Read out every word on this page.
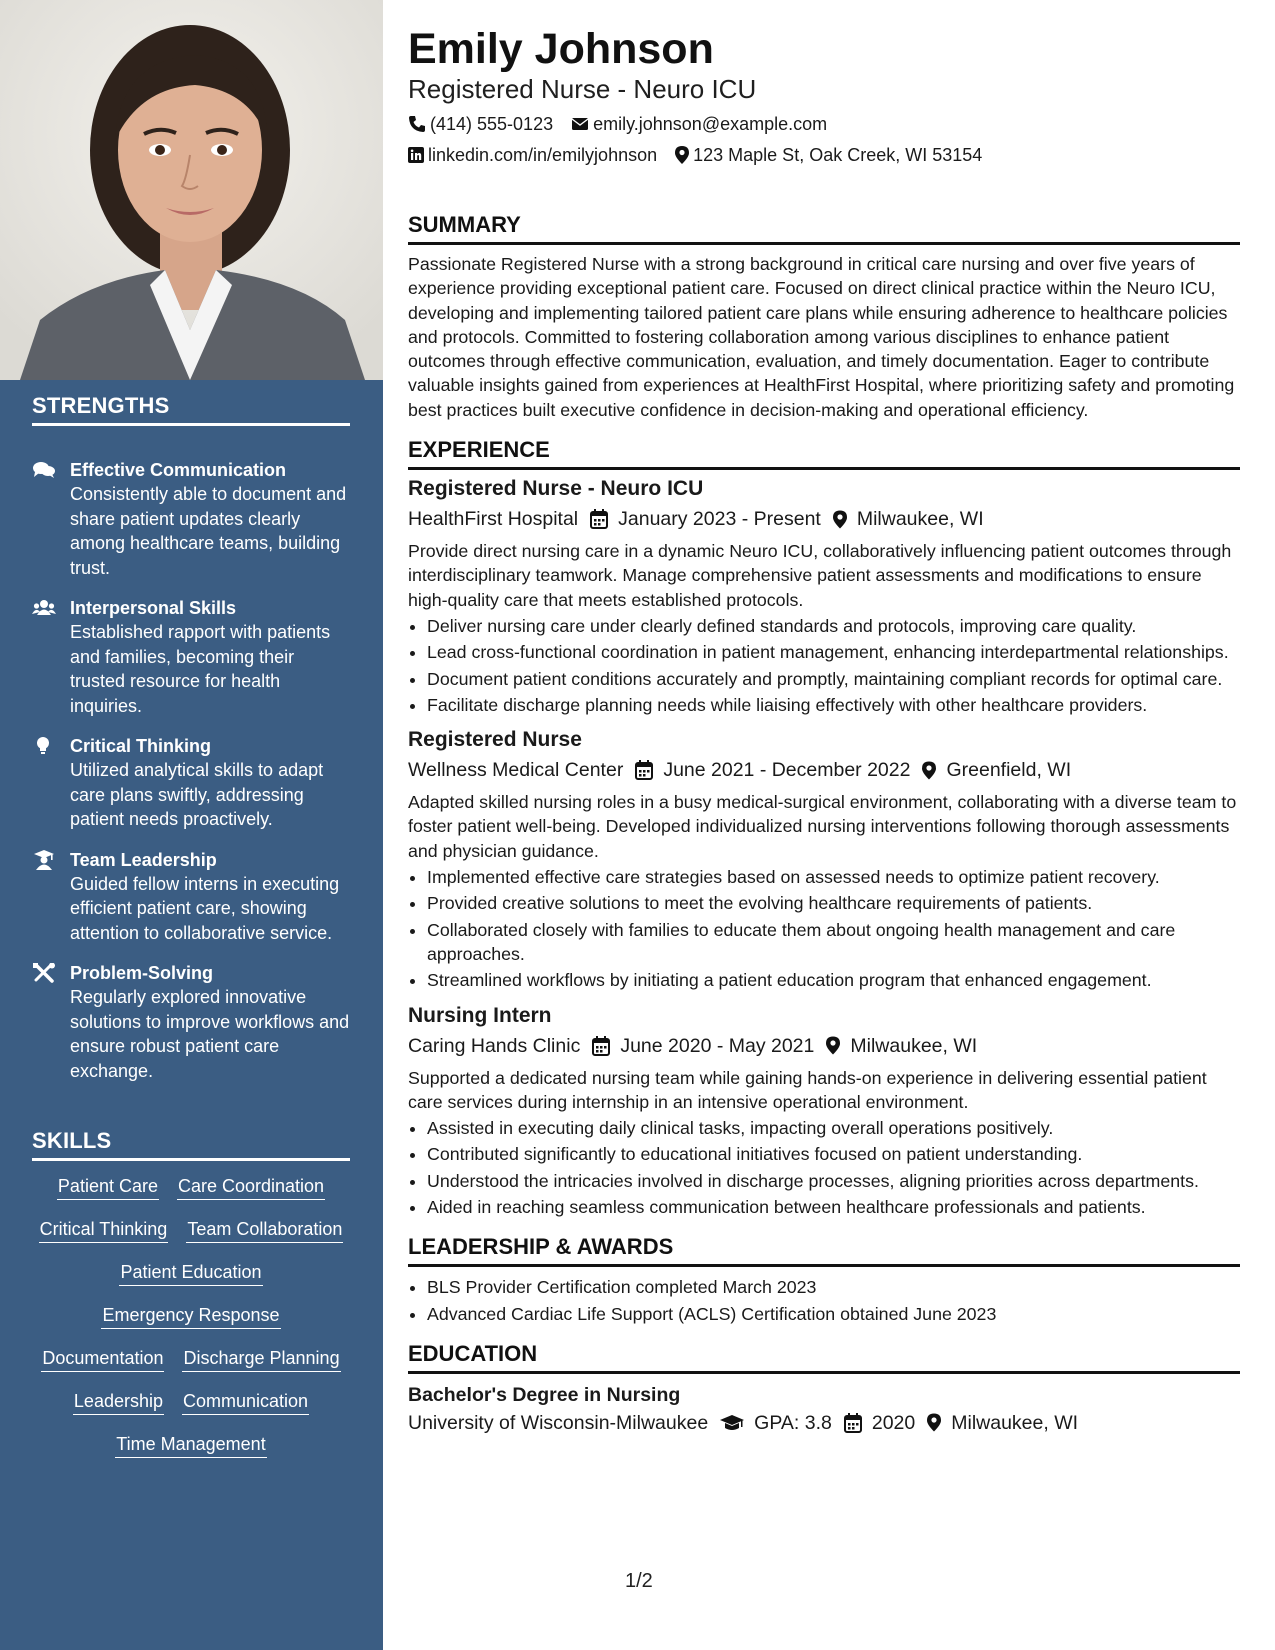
STRENGTHS
Effective Communication
Consistently able to document and share patient updates clearly among healthcare teams, building trust.
Interpersonal Skills
Established rapport with patients and families, becoming their trusted resource for health inquiries.
Critical Thinking
Utilized analytical skills to adapt care plans swiftly, addressing patient needs proactively.
Team Leadership
Guided fellow interns in executing efficient patient care, showing attention to collaborative service.
Problem-Solving
Regularly explored innovative solutions to improve workflows and ensure robust patient care exchange.
SKILLS
Patient Care Care Coordination
Critical Thinking Team Collaboration
Patient Education
Emergency Response
Documentation Discharge Planning
Leadership Communication
Time Management
Emily Johnson
Registered Nurse - Neuro ICU
(414) 555-0123 emily.johnson@example.com
linkedin.com/in/emilyjohnson 123 Maple St, Oak Creek, WI 53154
SUMMARY

Passionate Registered Nurse with a strong background in critical care nursing and over five years of experience providing exceptional patient care. Focused on direct clinical practice within the Neuro ICU, developing and implementing tailored patient care plans while ensuring adherence to healthcare policies and protocols. Committed to fostering collaboration among various disciplines to enhance patient outcomes through effective communication, evaluation, and timely documentation. Eager to contribute valuable insights gained from experiences at HealthFirst Hospital, where prioritizing safety and promoting best practices built executive confidence in decision-making and operational efficiency.

EXPERIENCE
Registered Nurse - Neuro ICU
HealthFirst Hospital January 2023 - Present Milwaukee, WI

Provide direct nursing care in a dynamic Neuro ICU, collaboratively influencing patient outcomes through interdisciplinary teamwork. Manage comprehensive patient assessments and modifications to ensure high-quality care that meets established protocols.

• Deliver nursing care under clearly defined standards and protocols, improving care quality.
• Lead cross-functional coordination in patient management, enhancing interdepartmental relationships.
• Document patient conditions accurately and promptly, maintaining compliant records for optimal care.
• Facilitate discharge planning needs while liaising effectively with other healthcare providers.
Registered Nurse
Wellness Medical Center June 2021 - December 2022 Greenfield, WI

Adapted skilled nursing roles in a busy medical-surgical environment, collaborating with a diverse team to foster patient well-being. Developed individualized nursing interventions following thorough assessments and physician guidance.

• Implemented effective care strategies based on assessed needs to optimize patient recovery.
• Provided creative solutions to meet the evolving healthcare requirements of patients.
• Collaborated closely with families to educate them about ongoing health management and care approaches.
• Streamlined workflows by initiating a patient education program that enhanced engagement.
Nursing Intern
Caring Hands Clinic June 2020 - May 2021 Milwaukee, WI

Supported a dedicated nursing team while gaining hands-on experience in delivering essential patient care services during internship in an intensive operational environment.

• Assisted in executing daily clinical tasks, impacting overall operations positively.
• Contributed significantly to educational initiatives focused on patient understanding.
• Understood the intricacies involved in discharge processes, aligning priorities across departments.
• Aided in reaching seamless communication between healthcare professionals and patients.
LEADERSHIP & AWARDS
• BLS Provider Certification completed March 2023
• Advanced Cardiac Life Support (ACLS) Certification obtained June 2023
EDUCATION
Bachelor's Degree in Nursing
University of Wisconsin-Milwaukee GPA: 3.8 2020 Milwaukee, WI
1/2
